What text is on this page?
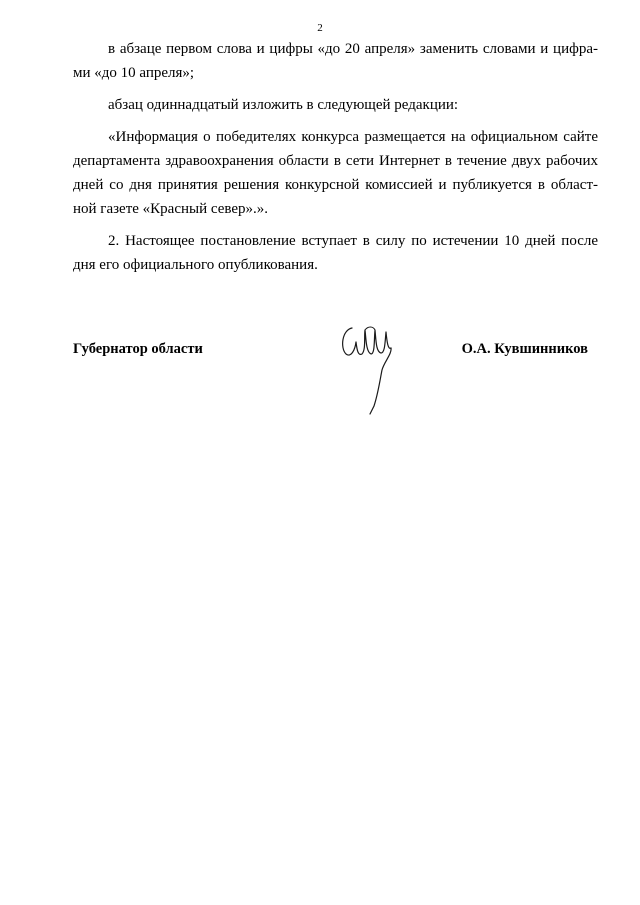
2

в абзаце первом слова и цифры «до 20 апреля» заменить словами и цифра-ми «до 10 апреля»;

абзац одиннадцатый изложить в следующей редакции:

«Информация о победителях конкурса размещается на официальном сайте департамента здравоохранения области в сети Интернет в течение двух рабочих дней со дня принятия решения конкурсной комиссией и публикуется в област-ной газете «Красный север».».

2. Настоящее постановление вступает в силу по истечении 10 дней после дня его официального опубликования.

Губернатор области	О.А. Кувшинников
